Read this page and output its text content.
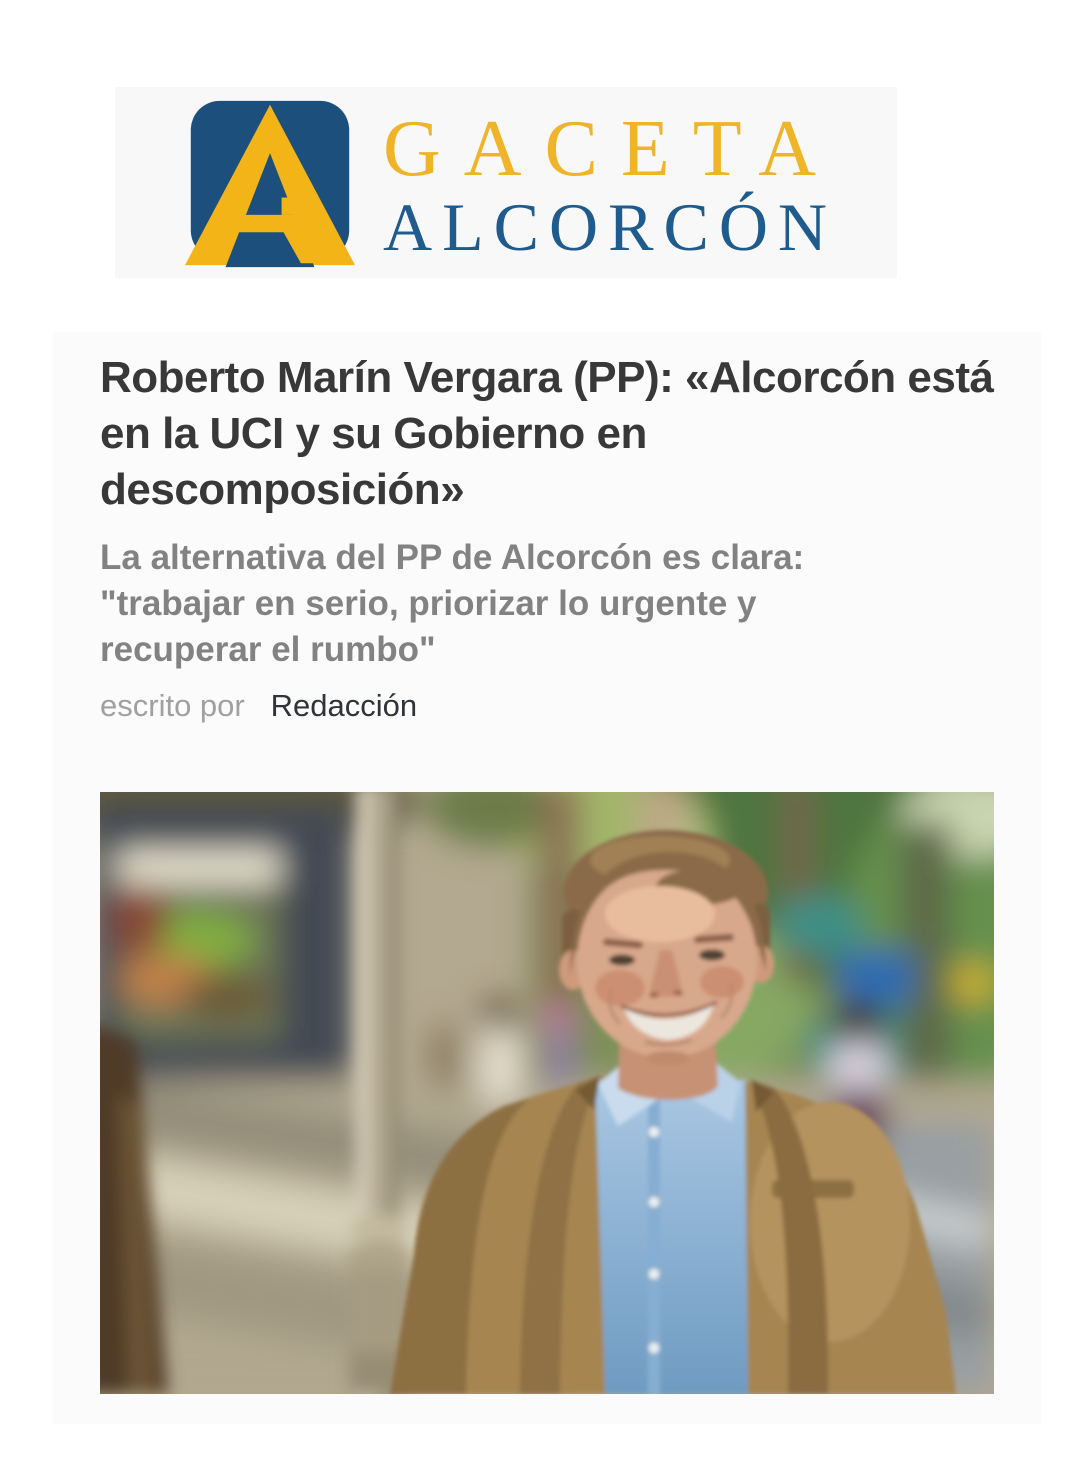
GACETA
ALCORCÓN
Roberto Marín Vergara (PP): «Alcorcón está
en la UCI y su Gobierno en
descomposición»
La alternativa del PP de Alcorcón es clara:
"trabajar en serio, priorizar lo urgente y
recuperar el rumbo"
escrito por Redacción
